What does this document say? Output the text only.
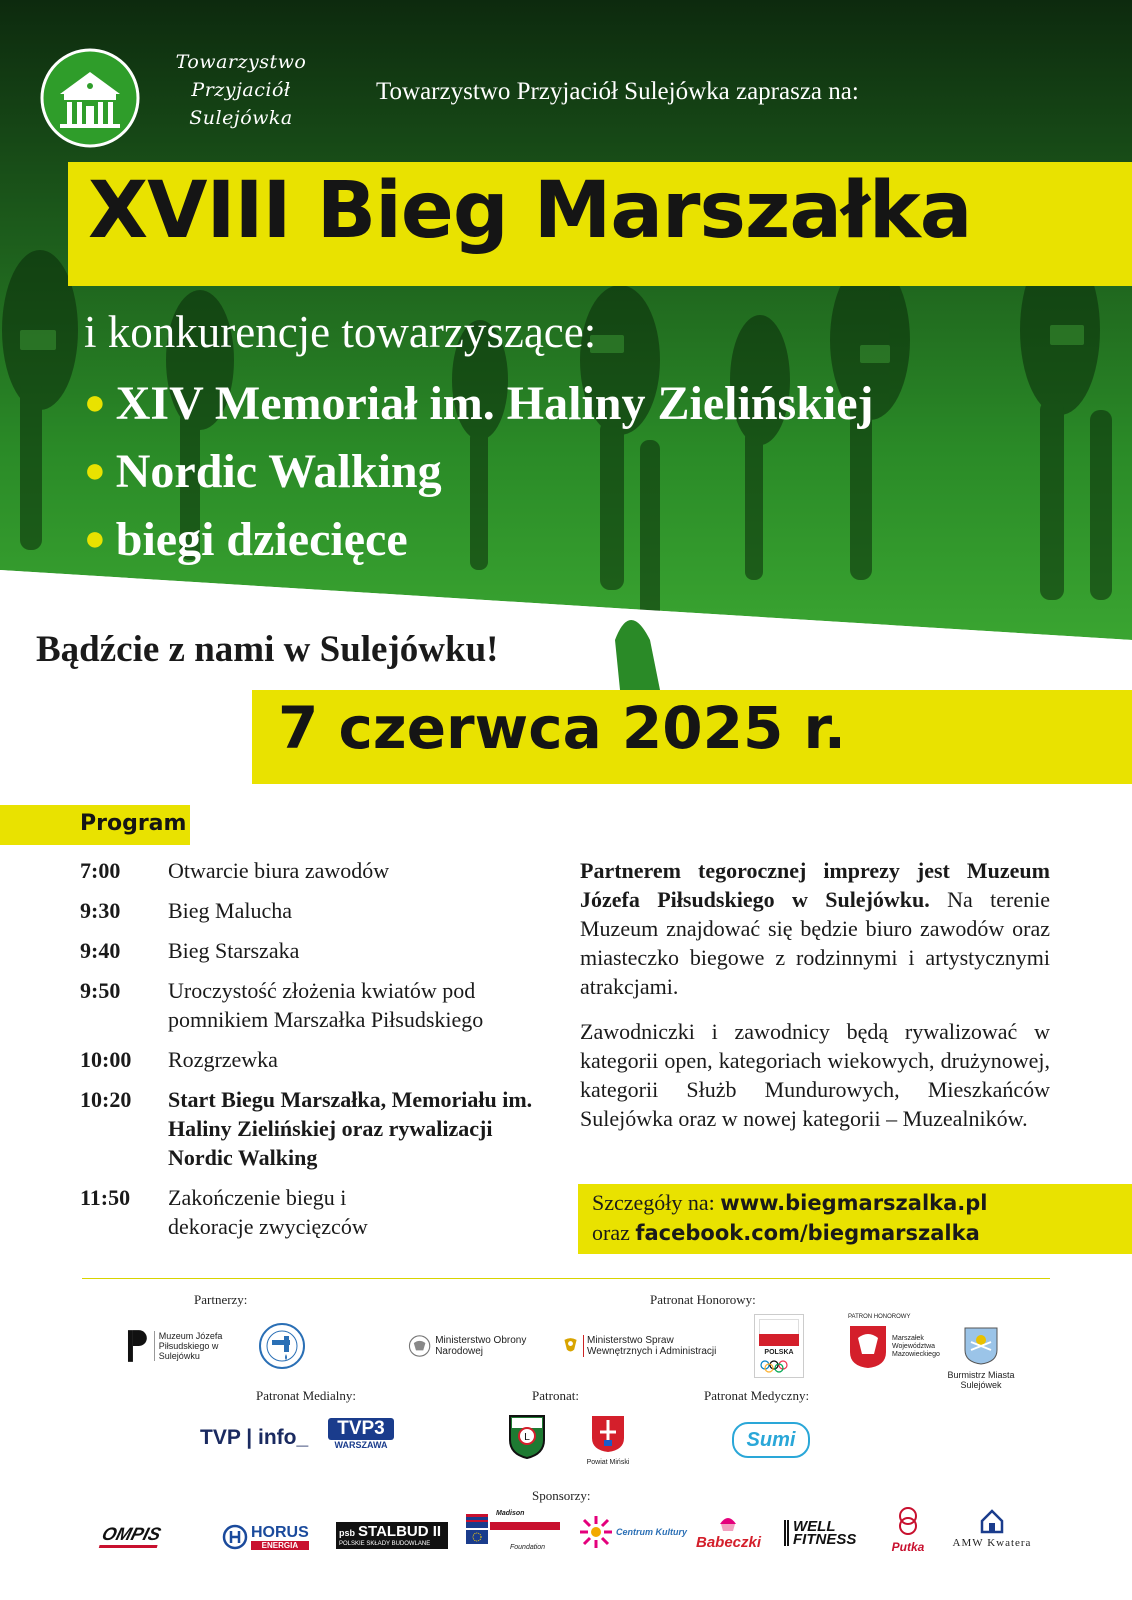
Towarzystwo
Przyjaciół
Sulejówka
Towarzystwo Przyjaciół Sulejówka zaprasza na:
XVIII Bieg Marszałka
i konkurencje towarzyszące:
● XIV Memoriał im. Haliny Zielińskiej
● Nordic Walking
● biegi dziecięce
Bądźcie z nami w Sulejówku!
7 czerwca 2025 r.
Program
7:00	Otwarcie biura zawodów
9:30	Bieg Malucha
9:40	Bieg Starszaka
9:50	Uroczystość złożenia kwiatów pod pomnikiem Marszałka Piłsudskiego
10:00	Rozgrzewka
10:20	Start Biegu Marszałka, Memoriału im. Haliny Zielińskiej oraz rywalizacji Nordic Walking
11:50	Zakończenie biegu i dekoracje zwycięzców

Partnerem tegorocznej imprezy jest Muzeum Józefa Piłsudskiego w Sulejówku. Na terenie Muzeum znajdować się będzie biuro zawodów oraz miasteczko biegowe z rodzinnymi i artystycznymi atrakcjami.

Zawodniczki i zawodnicy będą rywalizować w kategorii open, kategoriach wiekowych, drużynowej, kategorii Służb Mundurowych, Mieszkańców Sulejówka oraz w nowej kategorii – Muzealników.

Szczegóły na: www.biegmarszalka.pl
oraz facebook.com/biegmarszalka
Partnerzy:	Patronat Honorowy:
Patronat Medialny:	Patronat:	Patronat Medyczny:
Sponsorzy:
Muzeum Józefa Piłsudskiego w Sulejówku
Ministerstwo Obrony Narodowej
Ministerstwo Spraw Wewnętrznych i Administracji	POLSKA
PATRON HONOROWY
Marszałek Województwa Mazowieckiego
Burmistrz Miasta Sulejówek
TVP | info_	TVP3
WARSZAWA
L
Powiat Miński
Sumi
OMPIS	HORUS
ENERGIA
psb STALBUD II
POLSKIE SKŁADY BUDOWLANE
Madison
Foundation
Centrum Kultury
Babeczki
WELL FITNESS	Putka	AMW Kwatera
